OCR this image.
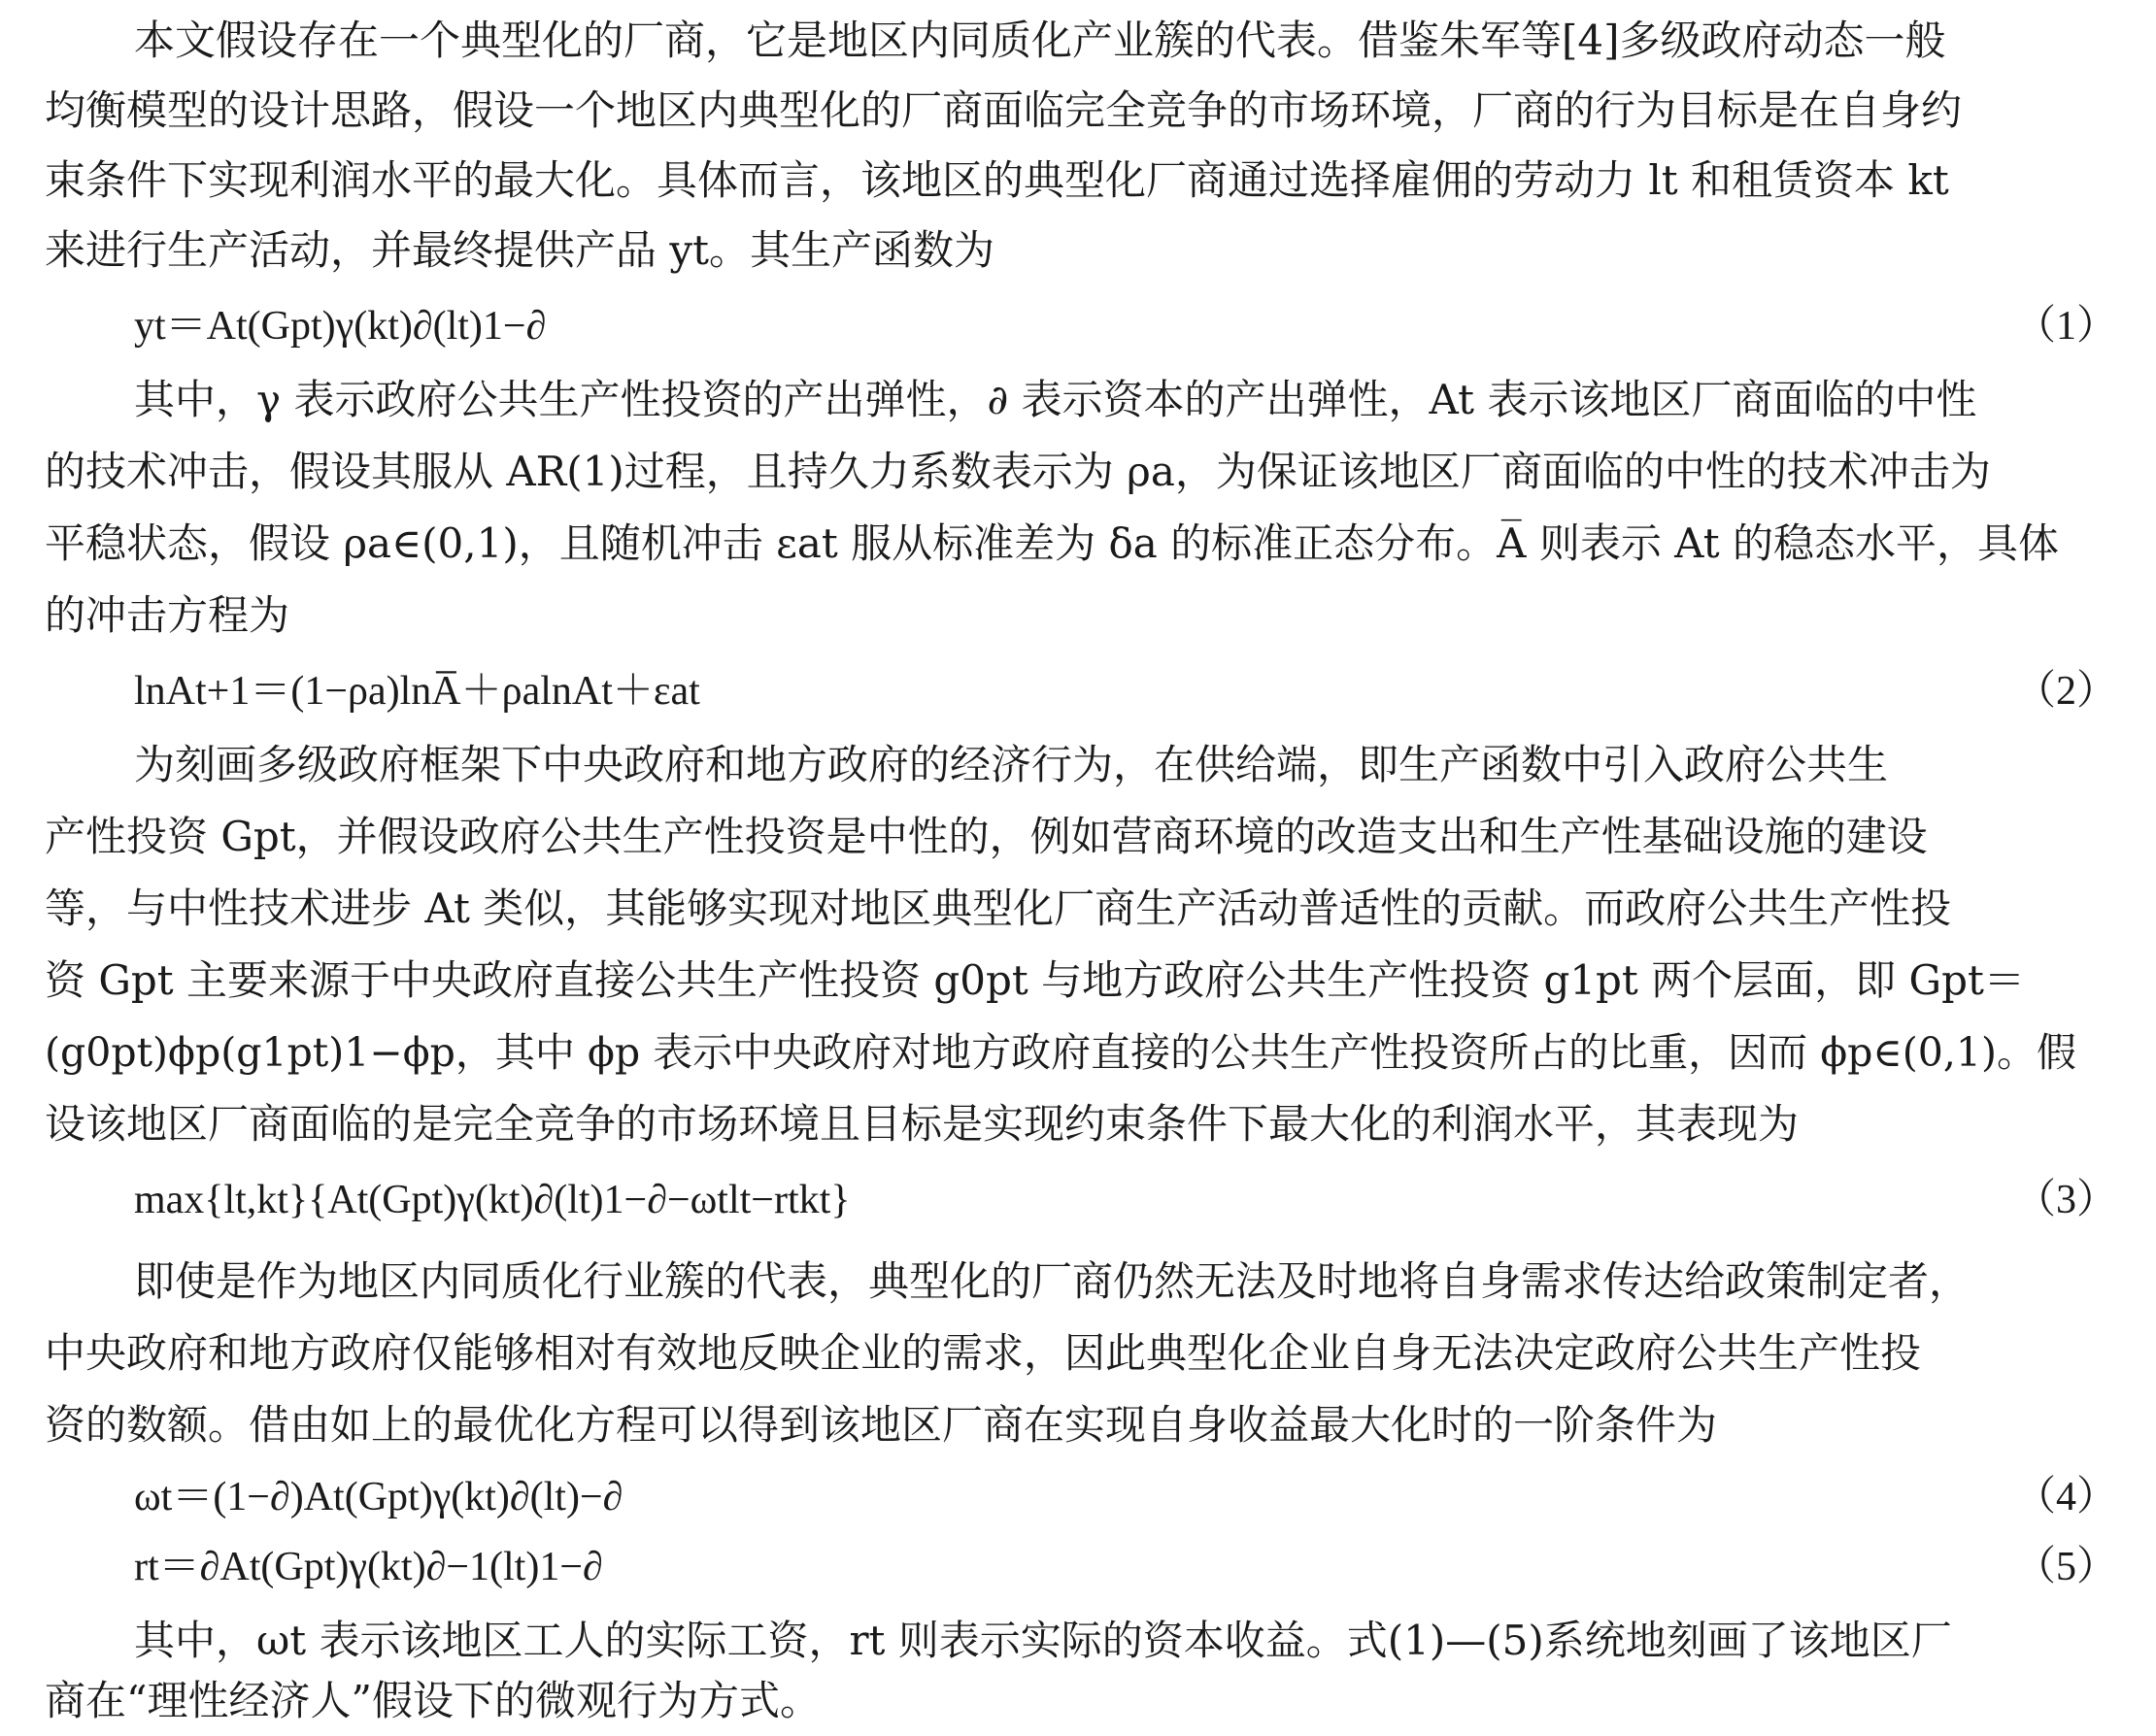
本文假设存在一个典型化的厂商，它是地区内同质化产业簇的代表。借鉴朱军等[4]多级政府动态一般
均衡模型的设计思路，假设一个地区内典型化的厂商面临完全竞争的市场环境，厂商的行为目标是在自身约
束条件下实现利润水平的最大化。具体而言，该地区的典型化厂商通过选择雇佣的劳动力 lt 和租赁资本 kt
来进行生产活动，并最终提供产品 yt。其生产函数为
yt＝At(Gpt)γ(kt)∂(lt)1−∂	（1）
其中，γ 表示政府公共生产性投资的产出弹性，∂ 表示资本的产出弹性，At 表示该地区厂商面临的中性
的技术冲击，假设其服从 AR(1)过程，且持久力系数表示为 ρa，为保证该地区厂商面临的中性的技术冲击为
平稳状态，假设 ρa∈(0,1)，且随机冲击 εat 服从标准差为 δa 的标准正态分布。A̅ 则表示 At 的稳态水平，具体
的冲击方程为
lnAt+1＝(1−ρa)lnA̅＋ρalnAt＋εat	（2）
为刻画多级政府框架下中央政府和地方政府的经济行为，在供给端，即生产函数中引入政府公共生
产性投资 Gpt，并假设政府公共生产性投资是中性的，例如营商环境的改造支出和生产性基础设施的建设
等，与中性技术进步 At 类似，其能够实现对地区典型化厂商生产活动普适性的贡献。而政府公共生产性投
资 Gpt 主要来源于中央政府直接公共生产性投资 g0pt 与地方政府公共生产性投资 g1pt 两个层面，即 Gpt＝
(g0pt)ϕp(g1pt)1−ϕp，其中 ϕp 表示中央政府对地方政府直接的公共生产性投资所占的比重，因而 ϕp∈(0,1)。假
设该地区厂商面临的是完全竞争的市场环境且目标是实现约束条件下最大化的利润水平，其表现为
max{lt,kt}{At(Gpt)γ(kt)∂(lt)1−∂−ωtlt−rtkt}	（3）
即使是作为地区内同质化行业簇的代表，典型化的厂商仍然无法及时地将自身需求传达给政策制定者，
中央政府和地方政府仅能够相对有效地反映企业的需求，因此典型化企业自身无法决定政府公共生产性投
资的数额。借由如上的最优化方程可以得到该地区厂商在实现自身收益最大化时的一阶条件为
ωt＝(1−∂)At(Gpt)γ(kt)∂(lt)−∂	（4）
rt＝∂At(Gpt)γ(kt)∂−1(lt)1−∂	（5）
其中，ωt 表示该地区工人的实际工资，rt 则表示实际的资本收益。式(1)—(5)系统地刻画了该地区厂
商在“理性经济人”假设下的微观行为方式。
